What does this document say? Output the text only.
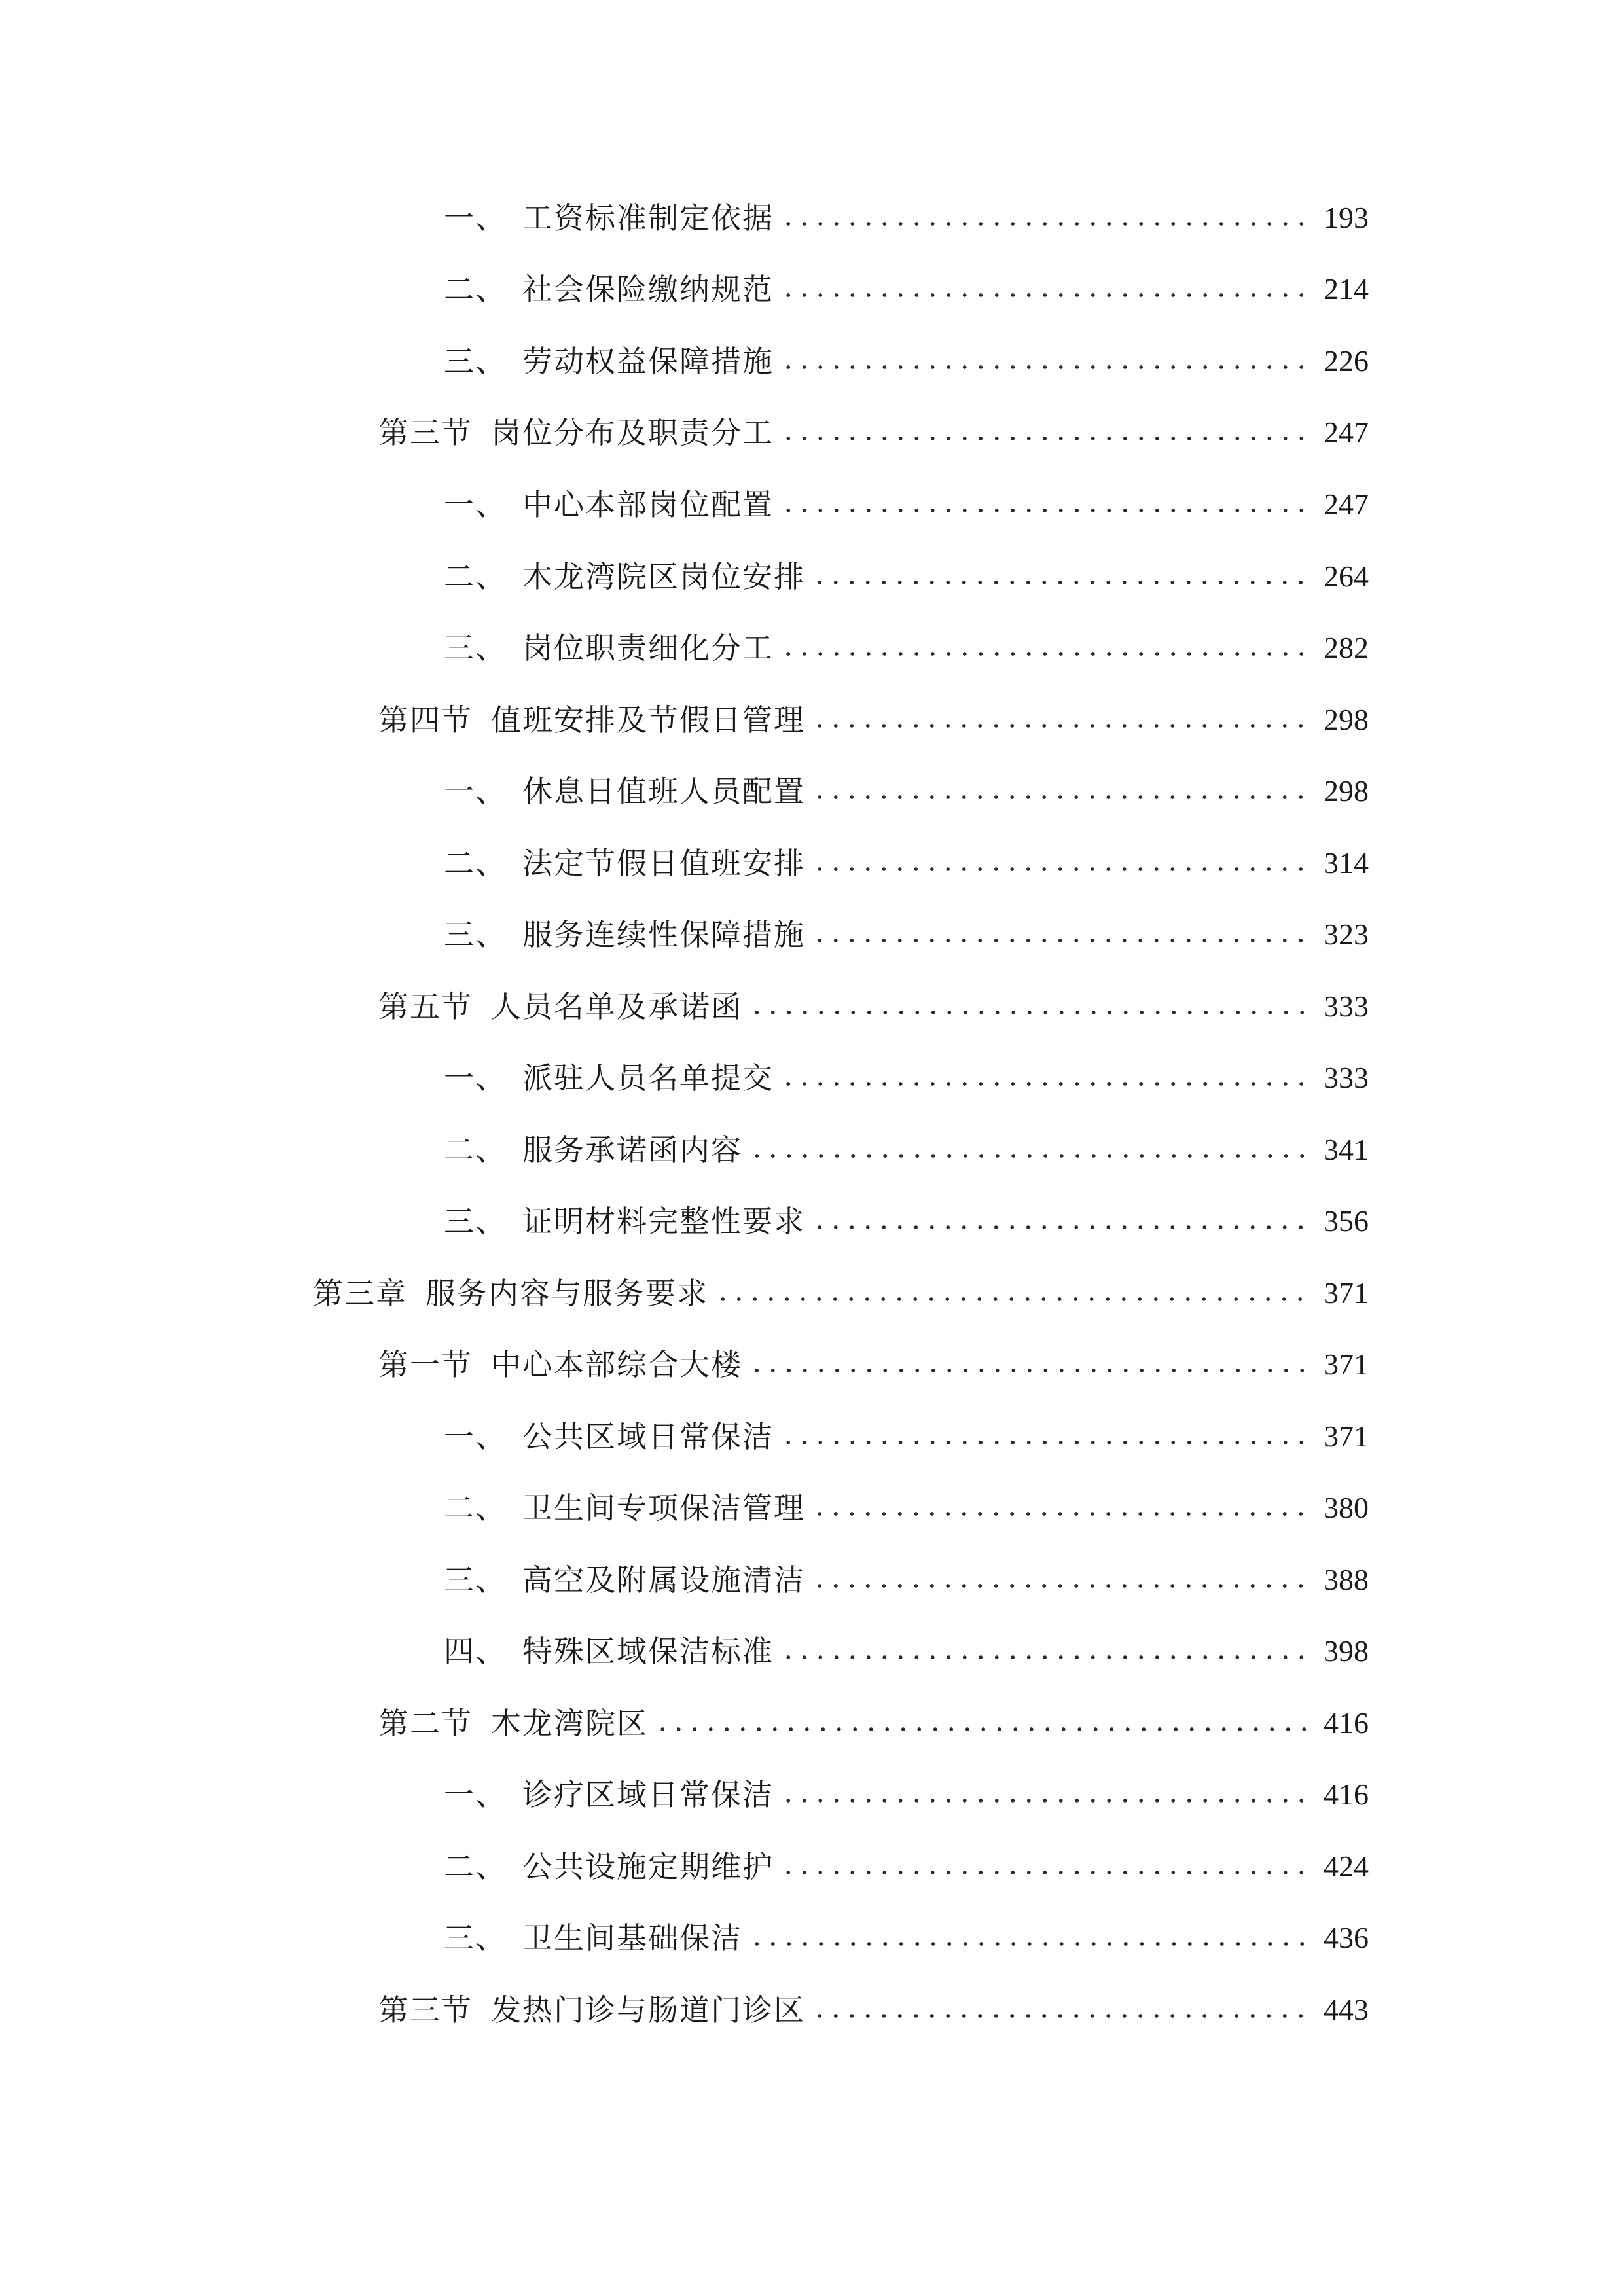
一、 工资标准制定依据	193
二、 社会保险缴纳规范	214
三、 劳动权益保障措施	226
第三节 岗位分布及职责分工	247
一、 中心本部岗位配置	247
二、 木龙湾院区岗位安排	264
三、 岗位职责细化分工	282
第四节 值班安排及节假日管理	298
一、 休息日值班人员配置	298
二、 法定节假日值班安排	314
三、 服务连续性保障措施	323
第五节 人员名单及承诺函	333
一、 派驻人员名单提交	333
二、 服务承诺函内容	341
三、 证明材料完整性要求	356
第三章 服务内容与服务要求	371
第一节 中心本部综合大楼	371
一、 公共区域日常保洁	371
二、 卫生间专项保洁管理	380
三、 高空及附属设施清洁	388
四、 特殊区域保洁标准	398
第二节 木龙湾院区	416
一、 诊疗区域日常保洁	416
二、 公共设施定期维护	424
三、 卫生间基础保洁	436
第三节 发热门诊与肠道门诊区	443
